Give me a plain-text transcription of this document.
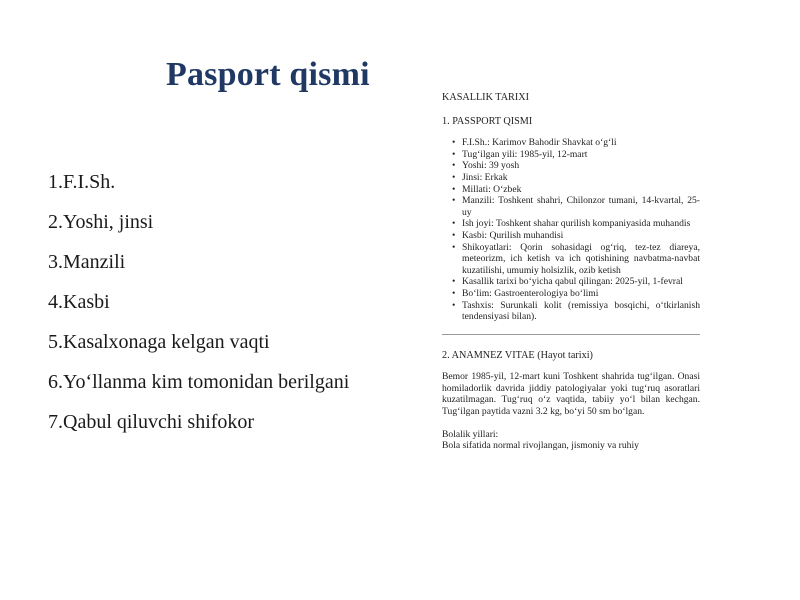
Pasport qismi
1.F.I.Sh.
2.Yoshi, jinsi
3.Manzili
4.Kasbi
5.Kasalxonaga kelgan vaqti
6.Yo‘llanma kim tomonidan berilgani
7.Qabul qiluvchi shifokor
KASALLIK TARIXI
1. PASSPORT QISMI
• F.I.Sh.: Karimov Bahodir Shavkat o‘g‘li
• Tug‘ilgan yili: 1985-yil, 12-mart
• Yoshi: 39 yosh
• Jinsi: Erkak
• Millati: O‘zbek
• Manzili: Toshkent shahri, Chilonzor tumani, 14-kvartal, 25-uy
• Ish joyi: Toshkent shahar qurilish kompaniyasida muhandis
• Kasbi: Qurilish muhandisi
• Shikoyatlari: Qorin sohasidagi og‘riq, tez-tez diareya, meteorizm, ich ketish va ich qotishining navbatma-navbat kuzatilishi, umumiy holsizlik, ozib ketish
• Kasallik tarixi bo‘yicha qabul qilingan: 2025-yil, 1-fevral
• Bo‘lim: Gastroenterologiya bo‘limi
• Tashxis: Surunkali kolit (remissiya bosqichi, o‘tkirlanish tendensiyasi bilan).
2. ANAMNEZ VITAE (Hayot tarixi)

Bemor 1985-yil, 12-mart kuni Toshkent shahrida tug‘ilgan. Onasi homiladorlik davrida jiddiy patologiyalar yoki tug‘ruq asoratlari kuzatilmagan. Tug‘ruq o‘z vaqtida, tabiiy yo‘l bilan kechgan. Tug‘ilgan paytida vazni 3.2 kg, bo‘yi 50 sm bo‘lgan.

Bolalik yillari:

Bola sifatida normal rivojlangan, jismoniy va ruhiy
